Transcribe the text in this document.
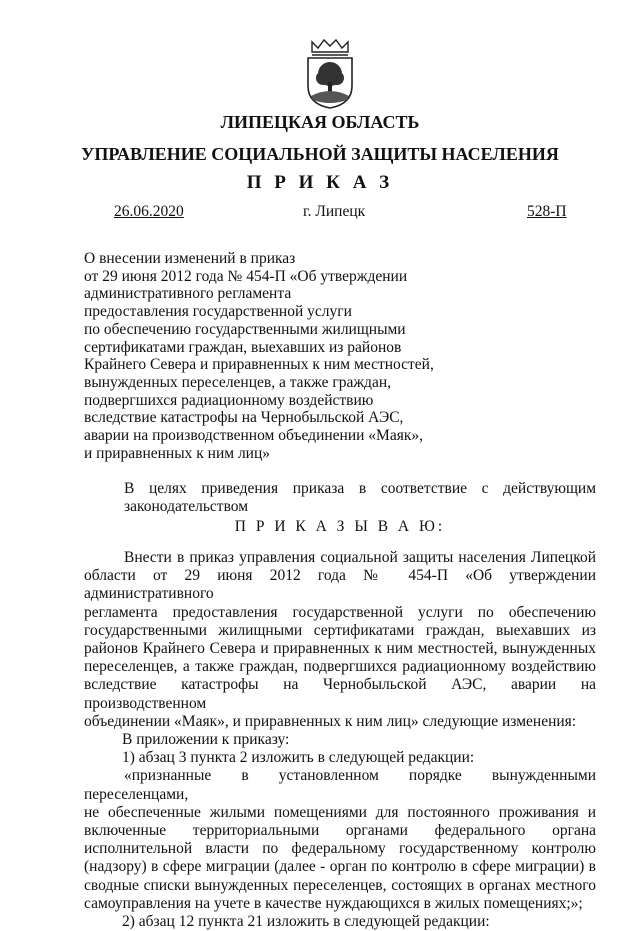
ЛИПЕЦКАЯ ОБЛАСТЬ
УПРАВЛЕНИЕ СОЦИАЛЬНОЙ ЗАЩИТЫ НАСЕЛЕНИЯ
П Р И К А З
26.06.2020	г. Липецк	528-П
О внесении изменений в приказ
от 29 июня 2012 года № 454-П «Об утверждении
административного регламента
предоставления государственной услуги
по обеспечению государственными жилищными
сертификатами граждан, выехавших из районов
Крайнего Севера и приравненных к ним местностей,
вынужденных переселенцев, а также граждан,
подвергшихся радиационному воздействию
вследствие катастрофы на Чернобыльской АЭС,
аварии на производственном объединении «Маяк»,
и приравненных к ним лиц»
В целях приведения приказа в соответствие с действующим
законодательством
П Р И К А З Ы В А Ю:
Внести в приказ управления социальной защиты населения Липецкой
области от 29 июня 2012 года № 454-П «Об утверждении административного
регламента предоставления государственной услуги по обеспечению
государственными жилищными сертификатами граждан, выехавших из
районов Крайнего Севера и приравненных к ним местностей, вынужденных
переселенцев, а также граждан, подвергшихся радиационному воздействию
вследствие катастрофы на Чернобыльской АЭС, аварии на производственном
объединении «Маяк», и приравненных к ним лиц» следующие изменения:
В приложении к приказу:
1) абзац 3 пункта 2 изложить в следующей редакции:
«признанные в установленном порядке вынужденными переселенцами,
не обеспеченные жилыми помещениями для постоянного проживания и
включенные территориальными органами федерального органа
исполнительной власти по федеральному государственному контролю
(надзору) в сфере миграции (далее - орган по контролю в сфере миграции) в
сводные списки вынужденных переселенцев, состоящих в органах местного
самоуправления на учете в качестве нуждающихся в жилых помещениях;»;
2) абзац 12 пункта 21 изложить в следующей редакции:
